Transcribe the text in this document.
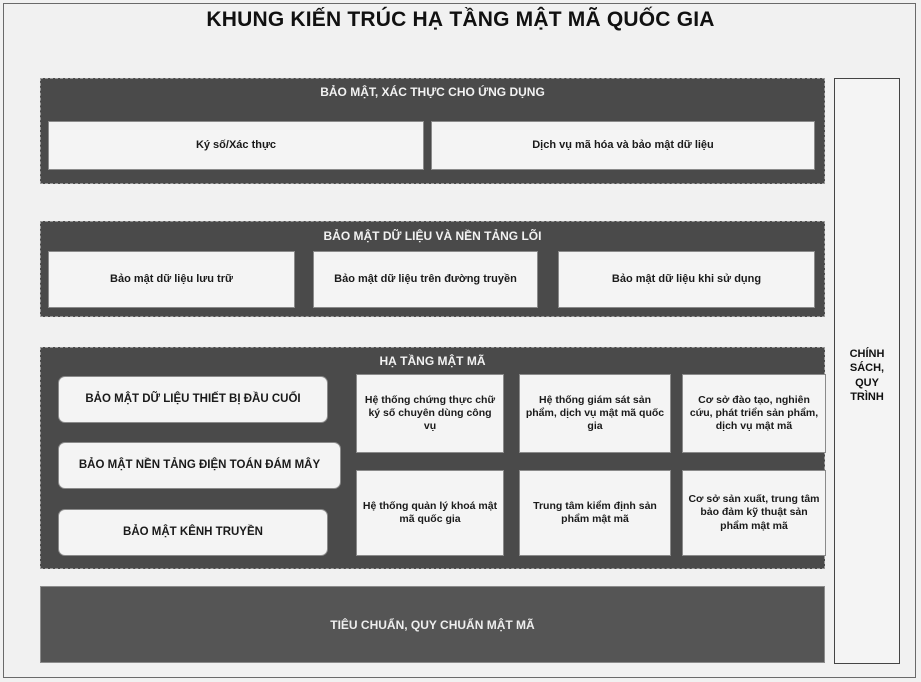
KHUNG KIẾN TRÚC HẠ TẦNG MẬT MÃ QUỐC GIA
BẢO MẬT, XÁC THỰC CHO ỨNG DỤNG
Ký số/Xác thực	Dịch vụ mã hóa và bảo mật dữ liệu
BẢO MẬT DỮ LIỆU VÀ NỀN TẢNG LÕI
Bảo mật dữ liệu lưu trữ	Bảo mật dữ liệu trên đường truyền	Bảo mật dữ liệu khi sử dụng
HẠ TẦNG MẬT MÃ
BẢO MẬT DỮ LIỆU THIẾT BỊ ĐẦU CUỐI
BẢO MẬT NỀN TẢNG ĐIỆN TOÁN ĐÁM MÂY
BẢO MẬT KÊNH TRUYỀN
Hệ thống chứng thực chữ ký số chuyên dùng công vụ
Hệ thống giám sát sản phẩm, dịch vụ mật mã quốc gia
Cơ sở đào tạo, nghiên cứu, phát triển sản phẩm, dịch vụ mật mã
Hệ thống quản lý khoá mật mã quốc gia
Trung tâm kiểm định sản phẩm mật mã
Cơ sở sản xuất, trung tâm bảo đảm kỹ thuật sản phẩm mật mã
TIÊU CHUẨN, QUY CHUẨN MẬT MÃ
CHÍNH SÁCH, QUY TRÌNH
